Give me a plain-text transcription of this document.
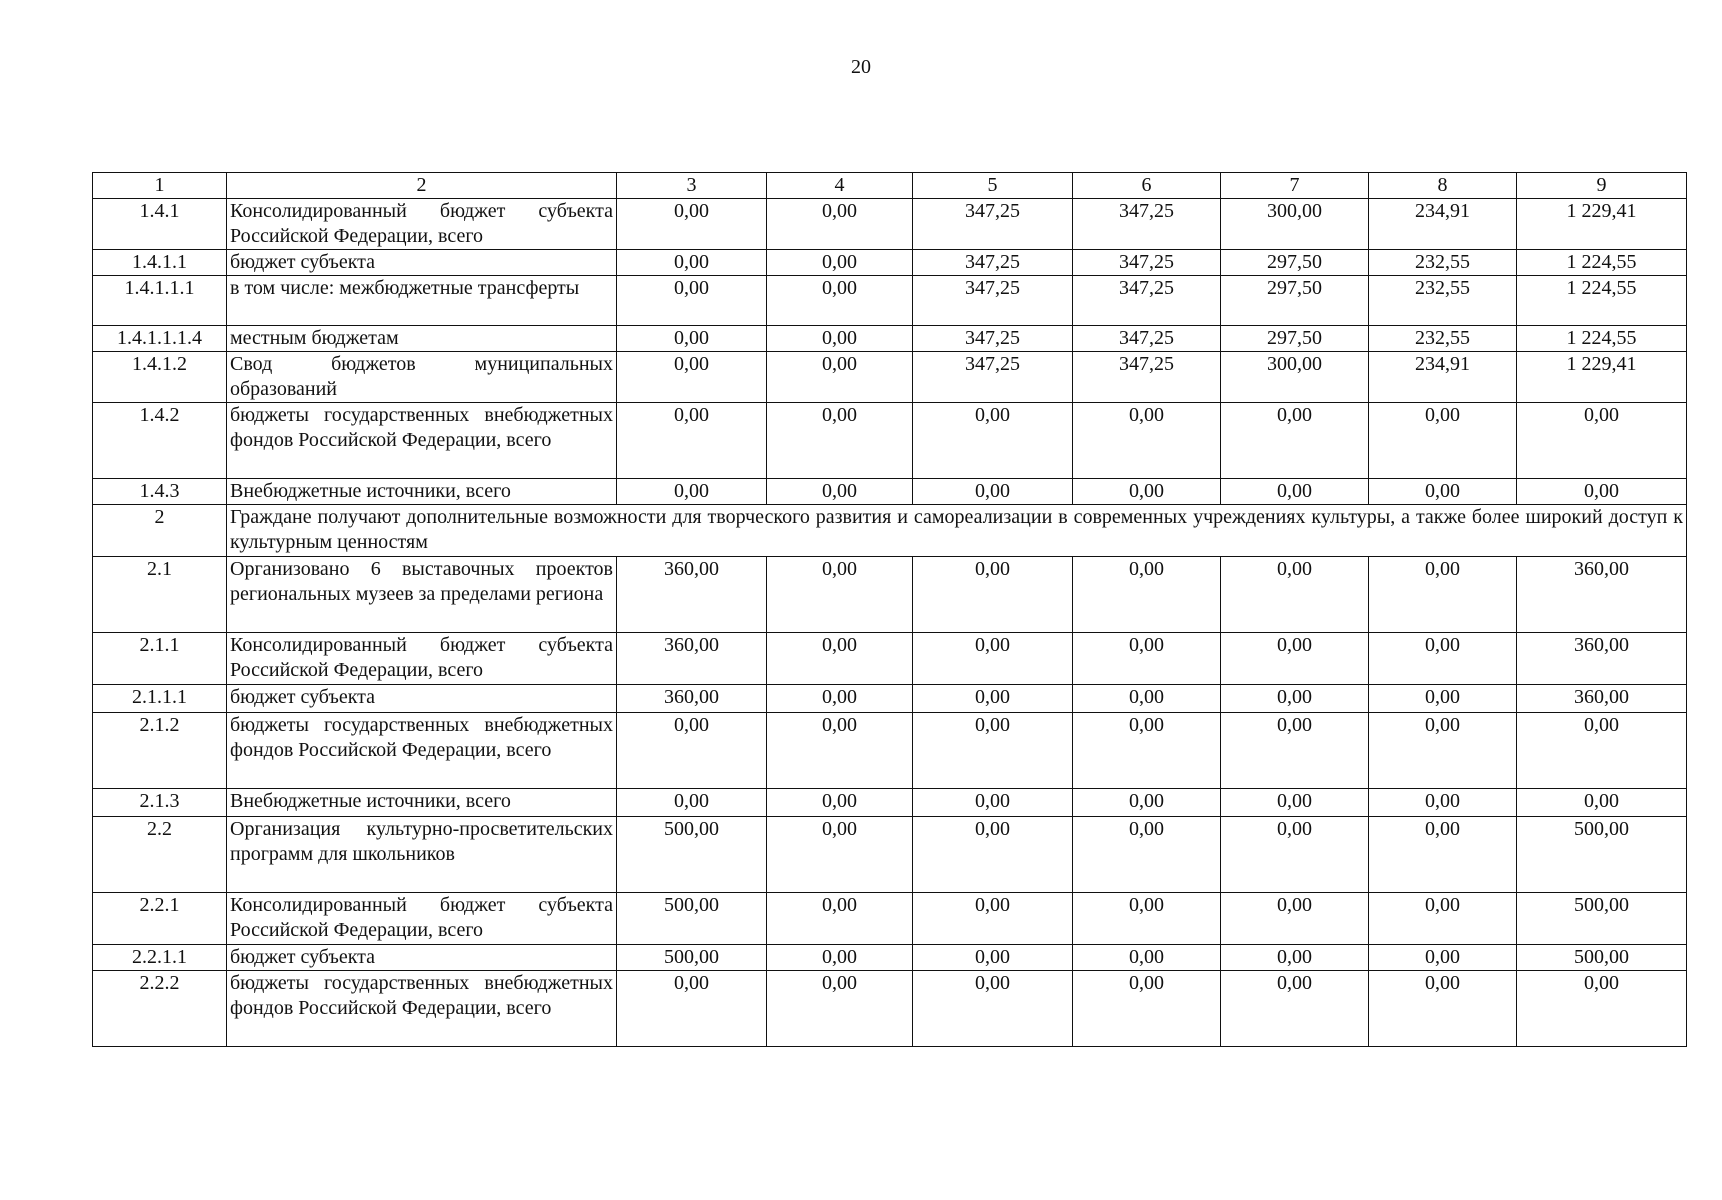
20
1	2	3	4	5	6	7	8	9
1.4.1	Консолидированный бюджет субъекта Российской Федерации, всего	0,00	0,00	347,25	347,25	300,00	234,91	1 229,41
1.4.1.1	бюджет субъекта	0,00	0,00	347,25	347,25	297,50	232,55	1 224,55
1.4.1.1.1	в том числе: межбюджетные трансферты	0,00	0,00	347,25	347,25	297,50	232,55	1 224,55
1.4.1.1.1.4	местным бюджетам	0,00	0,00	347,25	347,25	297,50	232,55	1 224,55
1.4.1.2	Свод бюджетов муниципальных образований	0,00	0,00	347,25	347,25	300,00	234,91	1 229,41
1.4.2	бюджеты государственных внебюджетных фондов Российской Федерации, всего	0,00	0,00	0,00	0,00	0,00	0,00	0,00
1.4.3	Внебюджетные источники, всего	0,00	0,00	0,00	0,00	0,00	0,00	0,00
2	Граждане получают дополнительные возможности для творческого развития и самореализации в современных учреждениях культуры, а также более широкий доступ к культурным ценностям							
2.1	Организовано 6 выставочных проектов региональных музеев за пределами региона	360,00	0,00	0,00	0,00	0,00	0,00	360,00
2.1.1	Консолидированный бюджет субъекта Российской Федерации, всего	360,00	0,00	0,00	0,00	0,00	0,00	360,00
2.1.1.1	бюджет субъекта	360,00	0,00	0,00	0,00	0,00	0,00	360,00
2.1.2	бюджеты государственных внебюджетных фондов Российской Федерации, всего	0,00	0,00	0,00	0,00	0,00	0,00	0,00
2.1.3	Внебюджетные источники, всего	0,00	0,00	0,00	0,00	0,00	0,00	0,00
2.2	Организация культурно-просветительских программ для школьников	500,00	0,00	0,00	0,00	0,00	0,00	500,00
2.2.1	Консолидированный бюджет субъекта Российской Федерации, всего	500,00	0,00	0,00	0,00	0,00	0,00	500,00
2.2.1.1	бюджет субъекта	500,00	0,00	0,00	0,00	0,00	0,00	500,00
2.2.2	бюджеты государственных внебюджетных фондов Российской Федерации, всего	0,00	0,00	0,00	0,00	0,00	0,00	0,00
